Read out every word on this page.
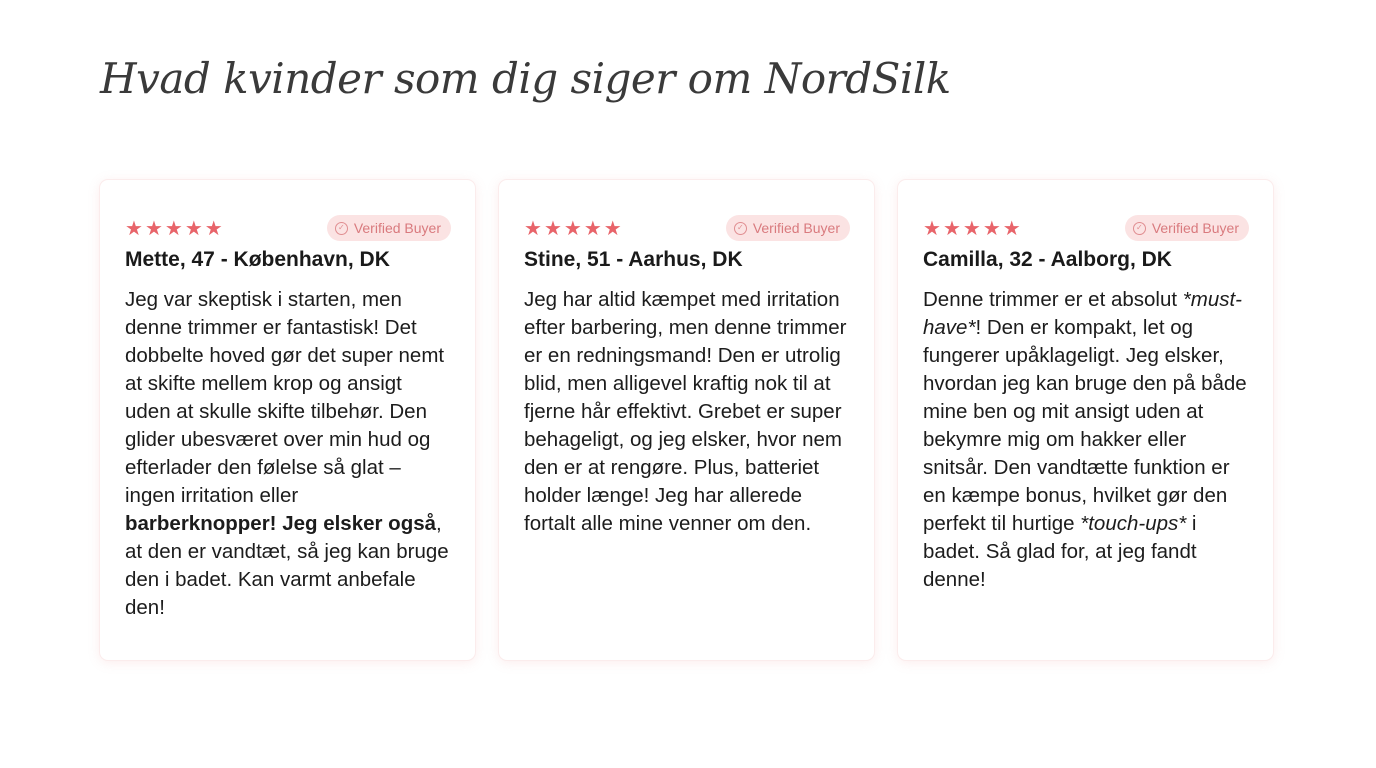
Hvad kvinder som dig siger om NordSilk
★ ★ ★ ★ ★	✓ Verified Buyer
Mette, 47 - København, DK

Jeg var skeptisk i starten, men denne trimmer er fantastisk! Det dobbelte hoved gør det super nemt at skifte mellem krop og ansigt uden at skulle skifte tilbehør. Den glider ubesværet over min hud og efterlader den følelse så glat – ingen irritation eller barberknopper! Jeg elsker også, at den er vandtæt, så jeg kan bruge den i badet. Kan varmt anbefale den!

★ ★ ★ ★ ★	✓ Verified Buyer
Stine, 51 - Aarhus, DK

Jeg har altid kæmpet med irritation efter barbering, men denne trimmer er en redningsmand! Den er utrolig blid, men alligevel kraftig nok til at fjerne hår effektivt. Grebet er super behageligt, og jeg elsker, hvor nem den er at rengøre. Plus, batteriet holder længe! Jeg har allerede fortalt alle mine venner om den.

★ ★ ★ ★ ★	✓ Verified Buyer
Camilla, 32 - Aalborg, DK

Denne trimmer er et absolut *must-have*! Den er kompakt, let og fungerer upåklageligt. Jeg elsker, hvordan jeg kan bruge den på både mine ben og mit ansigt uden at bekymre mig om hakker eller snitsår. Den vandtætte funktion er en kæmpe bonus, hvilket gør den perfekt til hurtige *touch-ups* i badet. Så glad for, at jeg fandt denne!
